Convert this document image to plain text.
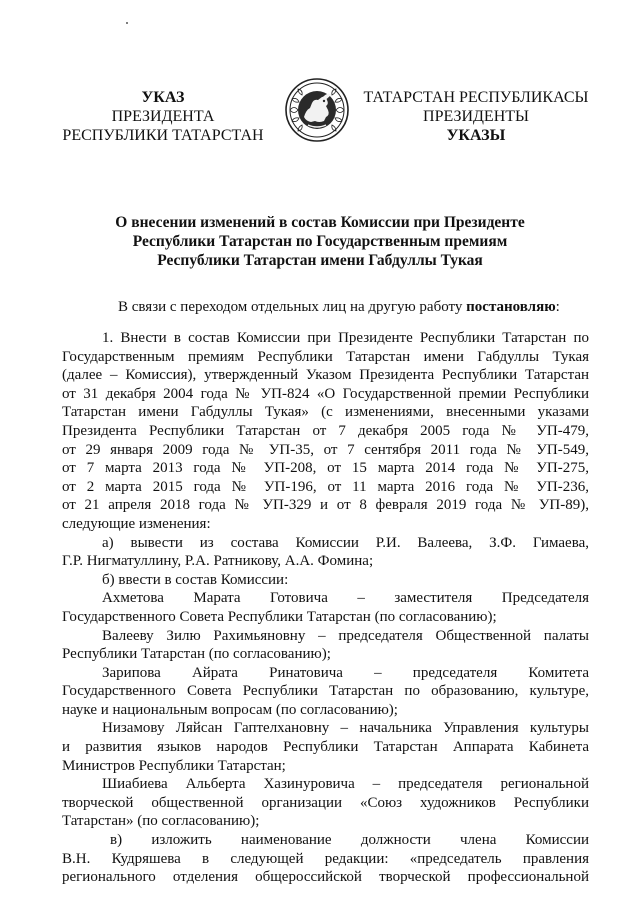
УКАЗ
ПРЕЗИДЕНТА
РЕСПУБЛИКИ ТАТАРСТАН
ТАТАРСТАН РЕСПУБЛИКАСЫ
ПРЕЗИДЕНТЫ
УКАЗЫ
О внесении изменений в состав Комиссии при Президенте
Республики Татарстан по Государственным премиям
Республики Татарстан имени Габдуллы Тукая
В связи с переходом отдельных лиц на другую работу постановляю:
1. Внести в состав Комиссии при Президенте Республики Татарстан по
Государственным премиям Республики Татарстан имени Габдуллы Тукая
(далее – Комиссия), утвержденный Указом Президента Республики Татарстан
от 31 декабря 2004 года № УП-824 «О Государственной премии Республики
Татарстан имени Габдуллы Тукая» (с изменениями, внесенными указами
Президента Республики Татарстан от 7 декабря 2005 года № УП-479,
от 29 января 2009 года № УП-35, от 7 сентября 2011 года № УП-549,
от 7 марта 2013 года № УП-208, от 15 марта 2014 года № УП-275,
от 2 марта 2015 года № УП-196, от 11 марта 2016 года № УП-236,
от 21 апреля 2018 года № УП-329 и от 8 февраля 2019 года № УП-89),
следующие изменения:
а) вывести из состава Комиссии Р.И. Валеева, З.Ф. Гимаева,
Г.Р. Нигматуллину, Р.А. Ратникову, А.А. Фомина;
б) ввести в состав Комиссии:
Ахметова Марата Готовича – заместителя Председателя
Государственного Совета Республики Татарстан (по согласованию);
Валееву Зилю Рахимьяновну – председателя Общественной палаты
Республики Татарстан (по согласованию);
Зарипова Айрата Ринатовича – председателя Комитета
Государственного Совета Республики Татарстан по образованию, культуре,
науке и национальным вопросам (по согласованию);
Низамову Ляйсан Гаптелхановну – начальника Управления культуры
и развития языков народов Республики Татарстан Аппарата Кабинета
Министров Республики Татарстан;
Шиабиева Альберта Хазинуровича – председателя региональной
творческой общественной организации «Союз художников Республики
Татарстан» (по согласованию);
в) изложить наименование должности члена Комиссии
В.Н. Кудряшева в следующей редакции: «председатель правления
регионального отделения общероссийской творческой профессиональной
